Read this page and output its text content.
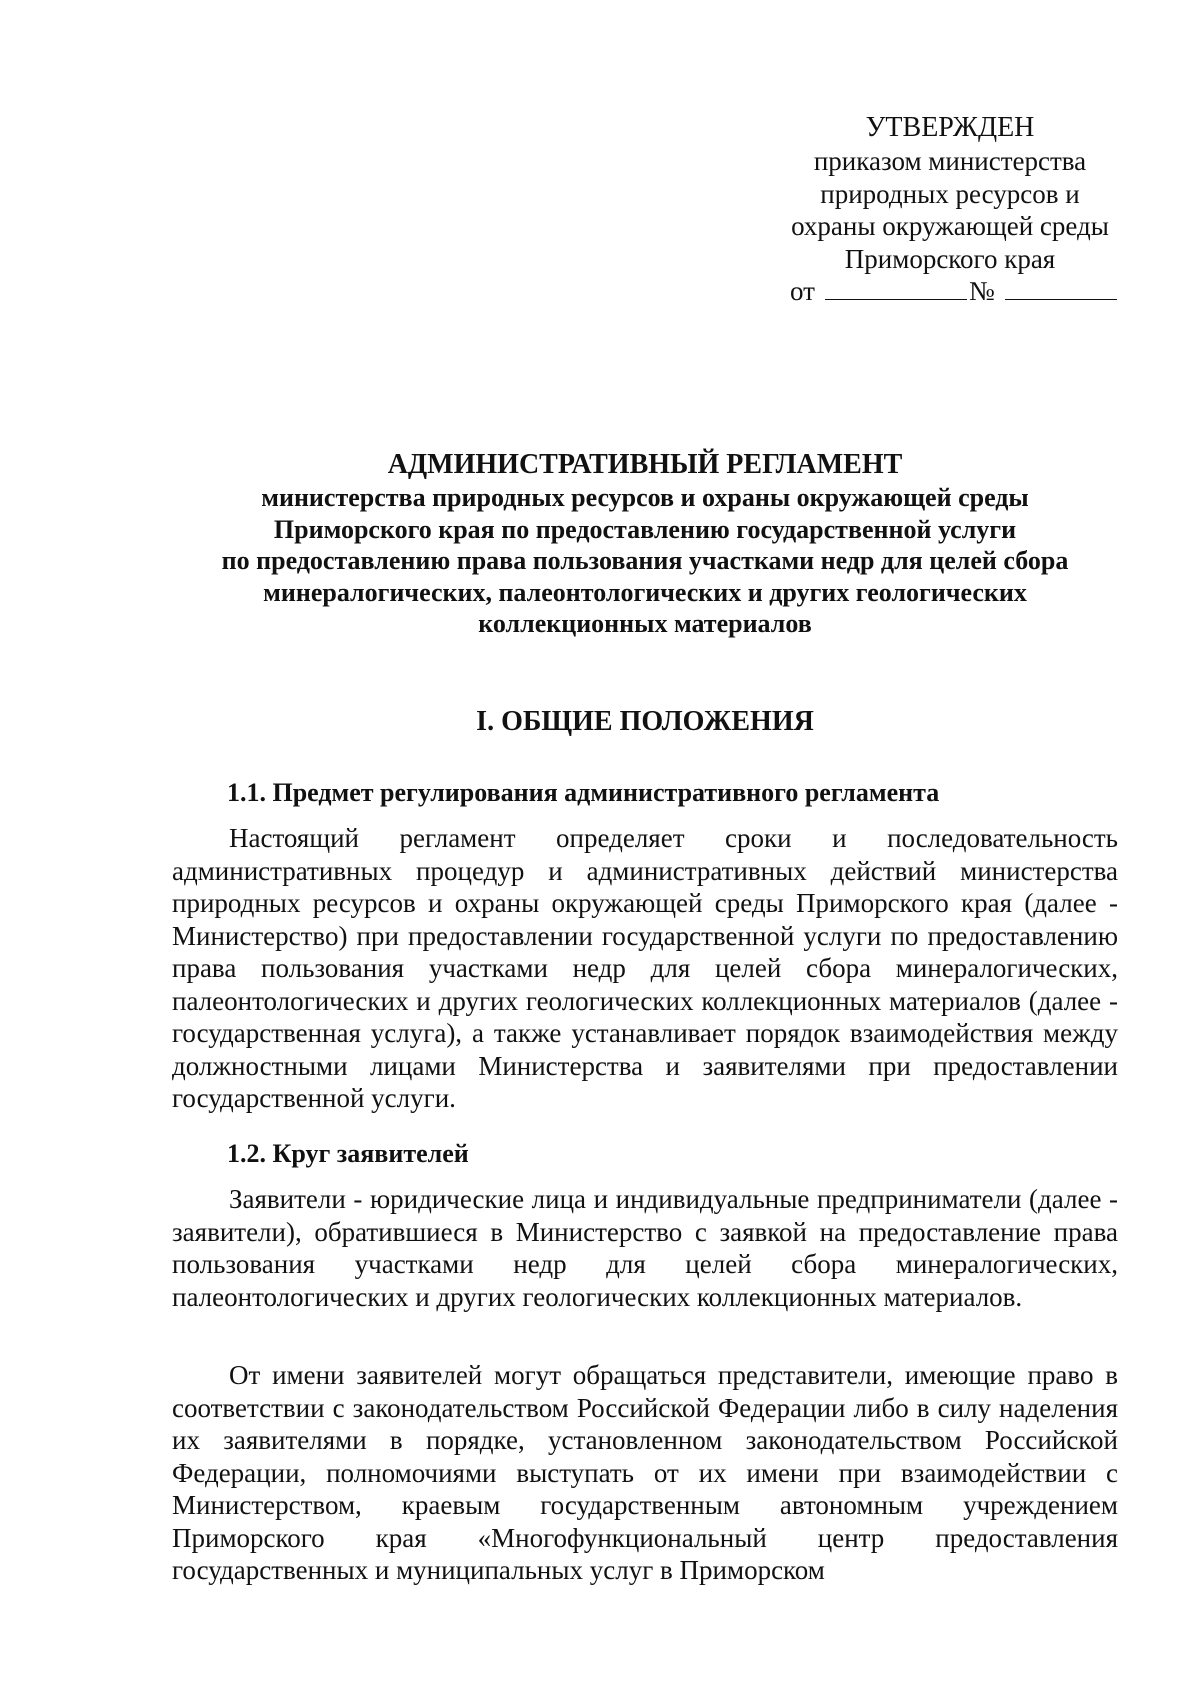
УТВЕРЖДЕН
приказом министерства
природных ресурсов и
охраны окружающей среды
Приморского края
от	№

АДМИНИСТРАТИВНЫЙ РЕГЛАМЕНТ

министерства природных ресурсов и охраны окружающей среды

Приморского края по предоставлению государственной услуги

по предоставлению права пользования участками недр для целей сбора

минералогических, палеонтологических и других геологических

коллекционных материалов

I. ОБЩИЕ ПОЛОЖЕНИЯ

1.1. Предмет регулирования административного регламента

Настоящий регламент определяет сроки и последовательность административных процедур и административных действий министерства природных ресурсов и охраны окружающей среды Приморского края (далее - Министерство) при предоставлении государственной услуги по предоставлению права пользования участками недр для целей сбора минералогических, палеонтологических и других геологических коллекционных материалов (далее - государственная услуга), а также устанавливает порядок взаимодействия между должностными лицами Министерства и заявителями при предоставлении государственной услуги.

1.2. Круг заявителей

Заявители - юридические лица и индивидуальные предприниматели (далее - заявители), обратившиеся в Министерство с заявкой на предоставление права пользования участками недр для целей сбора минералогических, палеонтологических и других геологических коллекционных материалов.

От имени заявителей могут обращаться представители, имеющие право в соответствии с законодательством Российской Федерации либо в силу наделения их заявителями в порядке, установленном законодательством Российской Федерации, полномочиями выступать от их имени при взаимодействии с Министерством, краевым государственным автономным учреждением Приморского края «Многофункциональный центр предоставления государственных и муниципальных услуг в Приморском
